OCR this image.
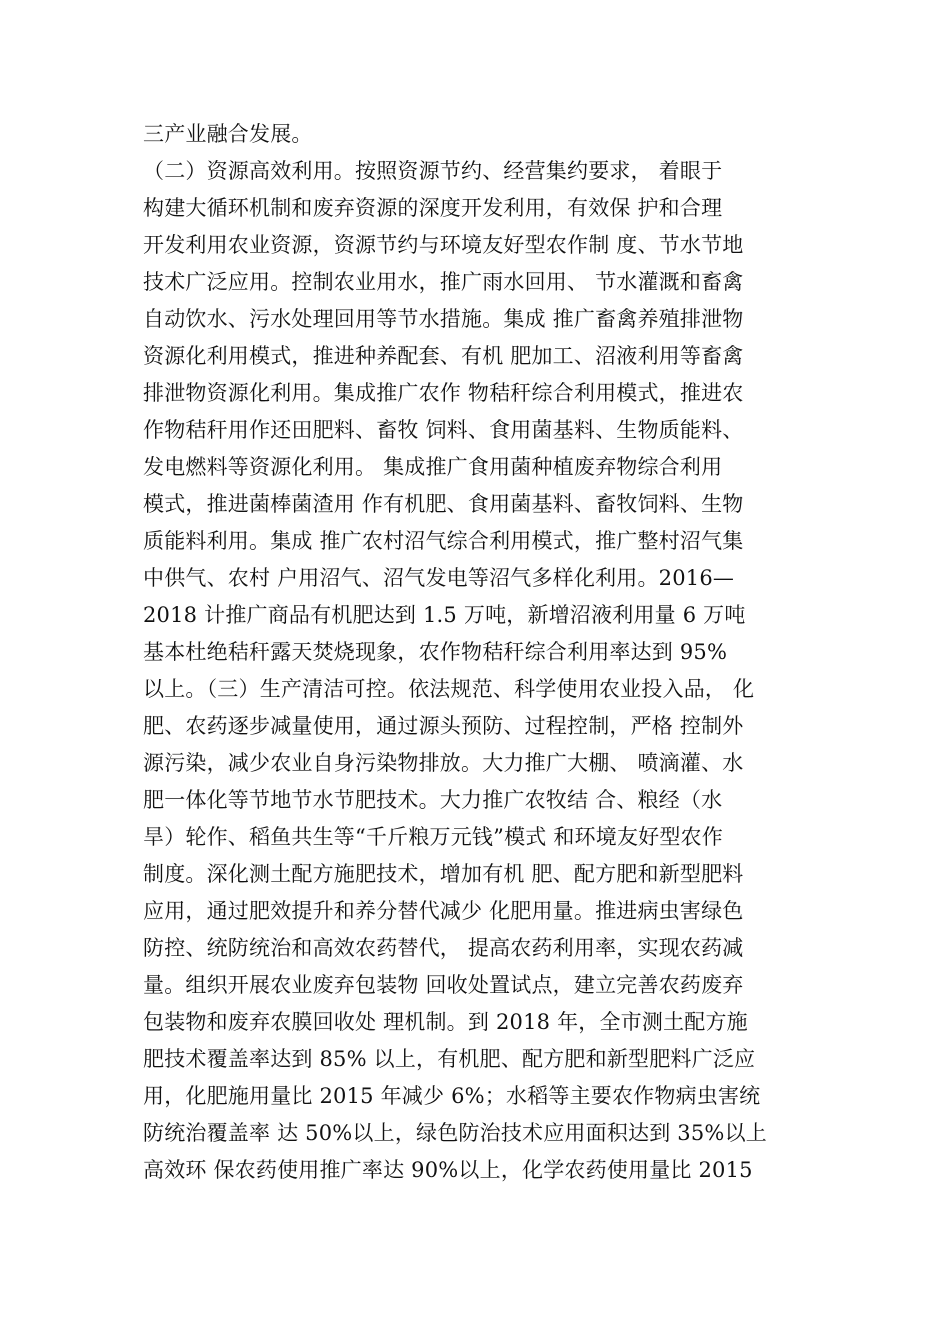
三产业融合发展。
（二）资源高效利用。按照资源节约、经营集约要求， 着眼于
构建大循环机制和废弃资源的深度开发利用，有效保 护和合理
开发利用农业资源，资源节约与环境友好型农作制 度、节水节地
技术广泛应用。控制农业用水，推广雨水回用、 节水灌溉和畜禽
自动饮水、污水处理回用等节水措施。集成 推广畜禽养殖排泄物
资源化利用模式，推进种养配套、有机 肥加工、沼液利用等畜禽
排泄物资源化利用。集成推广农作 物秸秆综合利用模式，推进农
作物秸秆用作还田肥料、畜牧 饲料、食用菌基料、生物质能料、
发电燃料等资源化利用。 集成推广食用菌种植废弃物综合利用
模式，推进菌棒菌渣用 作有机肥、食用菌基料、畜牧饲料、生物
质能料利用。集成 推广农村沼气综合利用模式，推广整村沼气集
中供气、农村 户用沼气、沼气发电等沼气多样化利用。2016—
2018 计推广商品有机肥达到 1.5 万吨，新增沼液利用量 6 万吨
基本杜绝秸秆露天焚烧现象，农作物秸秆综合利用率达到 95%
以上。（三）生产清洁可控。依法规范、科学使用农业投入品， 化
肥、农药逐步减量使用，通过源头预防、过程控制，严格 控制外
源污染，减少农业自身污染物排放。大力推广大棚、 喷滴灌、水
肥一体化等节地节水节肥技术。大力推广农牧结 合、粮经（水
旱）轮作、稻鱼共生等“千斤粮万元钱”模式 和环境友好型农作
制度。深化测土配方施肥技术，增加有机 肥、配方肥和新型肥料
应用，通过肥效提升和养分替代减少 化肥用量。推进病虫害绿色
防控、统防统治和高效农药替代， 提高农药利用率，实现农药减
量。组织开展农业废弃包装物 回收处置试点，建立完善农药废弃
包装物和废弃农膜回收处 理机制。到 2018 年，全市测土配方施
肥技术覆盖率达到 85% 以上，有机肥、配方肥和新型肥料广泛应
用，化肥施用量比 2015 年减少 6%；水稻等主要农作物病虫害统
防统治覆盖率 达 50%以上，绿色防治技术应用面积达到 35%以上
高效环 保农药使用推广率达 90%以上，化学农药使用量比 2015
